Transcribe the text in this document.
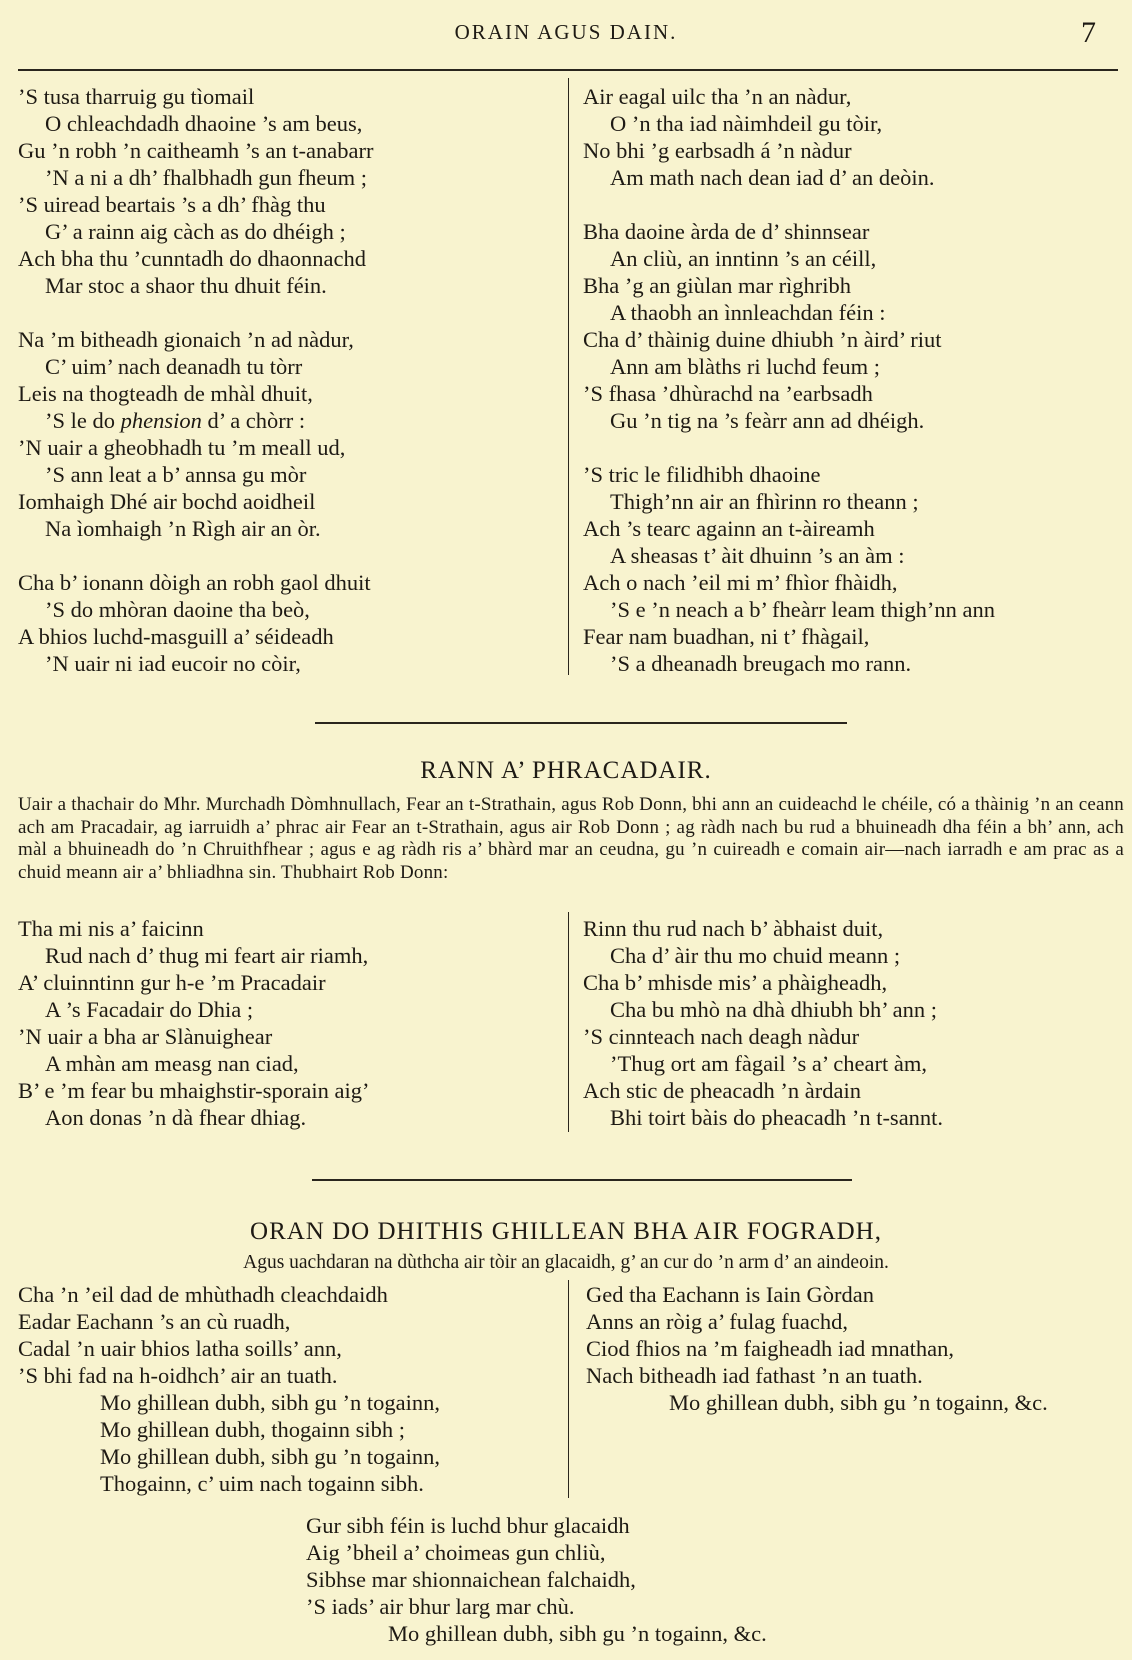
ORAIN AGUS DAIN.	7
’S tusa tharruig gu tìomail
O chleachdadh dhaoine ’s am beus,
Gu ’n robh ’n caitheamh ’s an t-anabarr
’N a ni a dh’ fhalbhadh gun fheum ;
’S uiread beartais ’s a dh’ fhàg thu
G’ a rainn aig càch as do dhéigh ;
Ach bha thu ’cunntadh do dhaonnachd
Mar stoc a shaor thu dhuit féin.
Na ’m bitheadh gionaich ’n ad nàdur,
C’ uim’ nach deanadh tu tòrr
Leis na thogteadh de mhàl dhuit,
’S le do phension d’ a chòrr :
’N uair a gheobhadh tu ’m meall ud,
’S ann leat a b’ annsa gu mòr
Iomhaigh Dhé air bochd aoidheil
Na ìomhaigh ’n Rìgh air an òr.
Cha b’ ionann dòigh an robh gaol dhuit
’S do mhòran daoine tha beò,
A bhios luchd-masguill a’ séideadh
’N uair ni iad eucoir no còir,
Air eagal uilc tha ’n an nàdur,
O ’n tha iad nàimhdeil gu tòir,
No bhi ’g earbsadh á ’n nàdur
Am math nach dean iad d’ an deòin.
Bha daoine àrda de d’ shinnsear
An cliù, an inntinn ’s an céill,
Bha ’g an giùlan mar rìghribh
A thaobh an ìnnleachdan féin :
Cha d’ thàinig duine dhiubh ’n àird’ riut
Ann am blàths ri luchd feum ;
’S fhasa ’dhùrachd na ’earbsadh
Gu ’n tig na ’s feàrr ann ad dhéigh.
’S tric le filidhibh dhaoine
Thigh’nn air an fhìrinn ro theann ;
Ach ’s tearc againn an t-àireamh
A sheasas t’ àit dhuinn ’s an àm :
Ach o nach ’eil mi m’ fhìor fhàidh,
’S e ’n neach a b’ fheàrr leam thigh’nn ann
Fear nam buadhan, ni t’ fhàgail,
’S a dheanadh breugach mo rann.
RANN A’ PHRACADAIR.
Uair a thachair do Mhr. Murchadh Dòmhnullach, Fear an t-Strathain, agus Rob Donn, bhi ann an cuideachd le chéile, có a thàinig ’n an ceann ach am Pracadair, ag iarruidh a’ phrac air Fear an t-Strathain, agus air Rob Donn ; ag ràdh nach bu rud a bhuineadh dha féin a bh’ ann, ach màl a bhuineadh do ’n Chruithfhear ; agus e ag ràdh ris a’ bhàrd mar an ceudna, gu ’n cuireadh e comain air—nach iarradh e am prac as a chuid meann air a’ bhliadhna sin. Thubhairt Rob Donn:
Tha mi nis a’ faicinn
Rud nach d’ thug mi feart air riamh,
A’ cluinntinn gur h-e ’m Pracadair
A ’s Facadair do Dhia ;
’N uair a bha ar Slànuighear
A mhàn am measg nan ciad,
B’ e ’m fear bu mhaighstir-sporain aig’
Aon donas ’n dà fhear dhiag.
Rinn thu rud nach b’ àbhaist duit,
Cha d’ àir thu mo chuid meann ;
Cha b’ mhisde mis’ a phàigheadh,
Cha bu mhò na dhà dhiubh bh’ ann ;
’S cinnteach nach deagh nàdur
’Thug ort am fàgail ’s a’ cheart àm,
Ach stic de pheacadh ’n àrdain
Bhi toirt bàis do pheacadh ’n t-sannt.
ORAN DO DHITHIS GHILLEAN BHA AIR FOGRADH,
Agus uachdaran na dùthcha air tòir an glacaidh, g’ an cur do ’n arm d’ an aindeoin.
Cha ’n ’eil dad de mhùthadh cleachdaidh
Eadar Eachann ’s an cù ruadh,
Cadal ’n uair bhios latha soills’ ann,
’S bhi fad na h-oidhch’ air an tuath.
Mo ghillean dubh, sibh gu ’n togainn,
Mo ghillean dubh, thogainn sibh ;
Mo ghillean dubh, sibh gu ’n togainn,
Thogainn, c’ uim nach togainn sibh.
Ged tha Eachann is Iain Gòrdan
Anns an ròig a’ fulag fuachd,
Ciod fhios na ’m faigheadh iad mnathan,
Nach bitheadh iad fathast ’n an tuath.
Mo ghillean dubh, sibh gu ’n togainn, &c.
Gur sibh féin is luchd bhur glacaidh
Aig ’bheil a’ choimeas gun chliù,
Sibhse mar shionnaichean falchaidh,
’S iads’ air bhur larg mar chù.
Mo ghillean dubh, sibh gu ’n togainn, &c.
